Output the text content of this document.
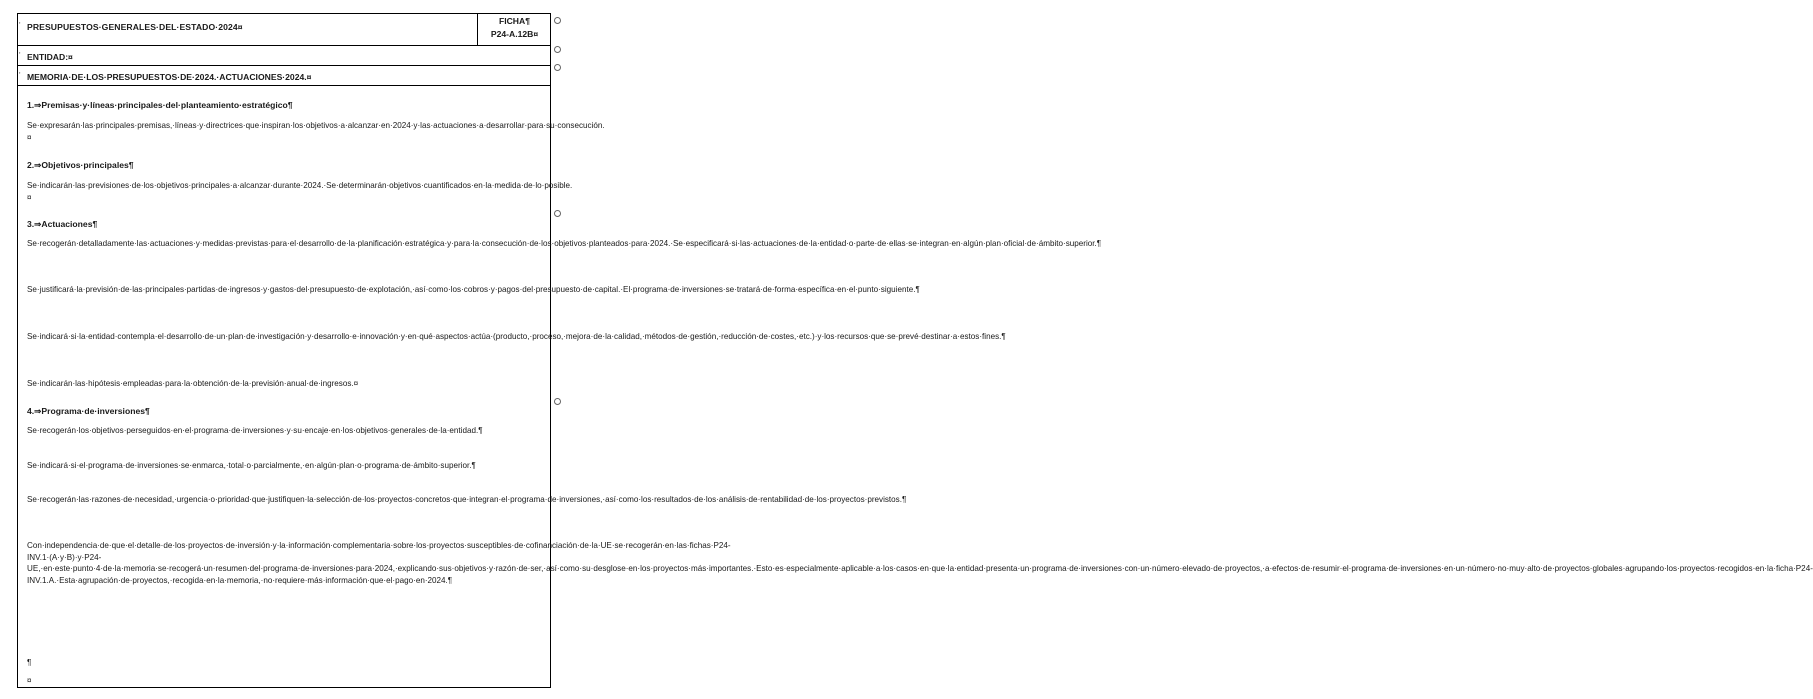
PRESUPUESTOS·GENERALES·DEL·ESTADO·2024¤
FICHA¶
P24-A.12B¤
ENTIDAD:¤
MEMORIA·DE·LOS·PRESUPUESTOS·DE·2024.·ACTUACIONES·2024.¤
'
'
'
1.⇒Premisas·y·líneas·principales·del·planteamiento·estratégico¶
Se·expresarán·las·principales·premisas,·líneas·y·directrices·que·inspiran·los·objetivos·a·alcanzar·en·2024·y·las·actuaciones·a·desarrollar·para·su·consecución.¤
2.⇒Objetivos·principales¶
Se·indicarán·las·previsiones·de·los·objetivos·principales·a·alcanzar·durante·2024.·Se·determinarán·objetivos·cuantificados·en·la·medida·de·lo·posible.¤
3.⇒Actuaciones¶
Se·recogerán·detalladamente·las·actuaciones·y·medidas·previstas·para·el·desarrollo·de·la·planificación·estratégica·y·para·la·consecución·de·los·objetivos·planteados·para·2024.·Se·especificará·si·las·actuaciones·de·la·entidad·o·parte·de·ellas·se·integran·en·algún·plan·oficial·de·ámbito·superior.¶
Se·justificará·la·previsión·de·las·principales·partidas·de·ingresos·y·gastos·del·presupuesto·de·explotación,·así·como·los·cobros·y·pagos·del·presupuesto·de·capital.·El·programa·de·inversiones·se·tratará·de·forma·específica·en·el·punto·siguiente.¶
Se·indicará·si·la·entidad·contempla·el·desarrollo·de·un·plan·de·investigación·y·desarrollo·e·innovación·y·en·qué·aspectos·actúa·(producto,·proceso,·mejora·de·la·calidad,·métodos·de·gestión,·reducción·de·costes,·etc.)·y·los·recursos·que·se·prevé·destinar·a·estos·fines.¶
Se·indicarán·las·hipótesis·empleadas·para·la·obtención·de·la·previsión·anual·de·ingresos.¤
4.⇒Programa·de·inversiones¶
Se·recogerán·los·objetivos·perseguidos·en·el·programa·de·inversiones·y·su·encaje·en·los·objetivos·generales·de·la·entidad.¶
Se·indicará·si·el·programa·de·inversiones·se·enmarca,·total·o·parcialmente,·en·algún·plan·o·programa·de·ámbito·superior.¶
Se·recogerán·las·razones·de·necesidad,·urgencia·o·prioridad·que·justifiquen·la·selección·de·los·proyectos·concretos·que·integran·el·programa·de·inversiones,·así·como·los·resultados·de·los·análisis·de·rentabilidad·de·los·proyectos·previstos.¶
Con·independencia·de·que·el·detalle·de·los·proyectos·de·inversión·y·la·información·complementaria·sobre·los·proyectos·susceptibles·de·cofinanciación·de·la·UE·se·recogerán·en·las·fichas·P24-INV.1·(A·y·B)·y·P24-UE,·en·este·punto·4·de·la·memoria·se·recogerá·un·resumen·del·programa·de·inversiones·para·2024,·explicando·sus·objetivos·y·razón·de·ser,·así·como·su·desglose·en·los·proyectos·más·importantes.·Esto·es·especialmente·aplicable·a·los·casos·en·que·la·entidad·presenta·un·programa·de·inversiones·con·un·número·elevado·de·proyectos,·a·efectos·de·resumir·el·programa·de·inversiones·en·un·número·no·muy·alto·de·proyectos·globales·agrupando·los·proyectos·recogidos·en·la·ficha·P24-INV.1.A.·Esta·agrupación·de·proyectos,·recogida·en·la·memoria,·no·requiere·más·información·que·el·pago·en·2024.¶
¶
¤
